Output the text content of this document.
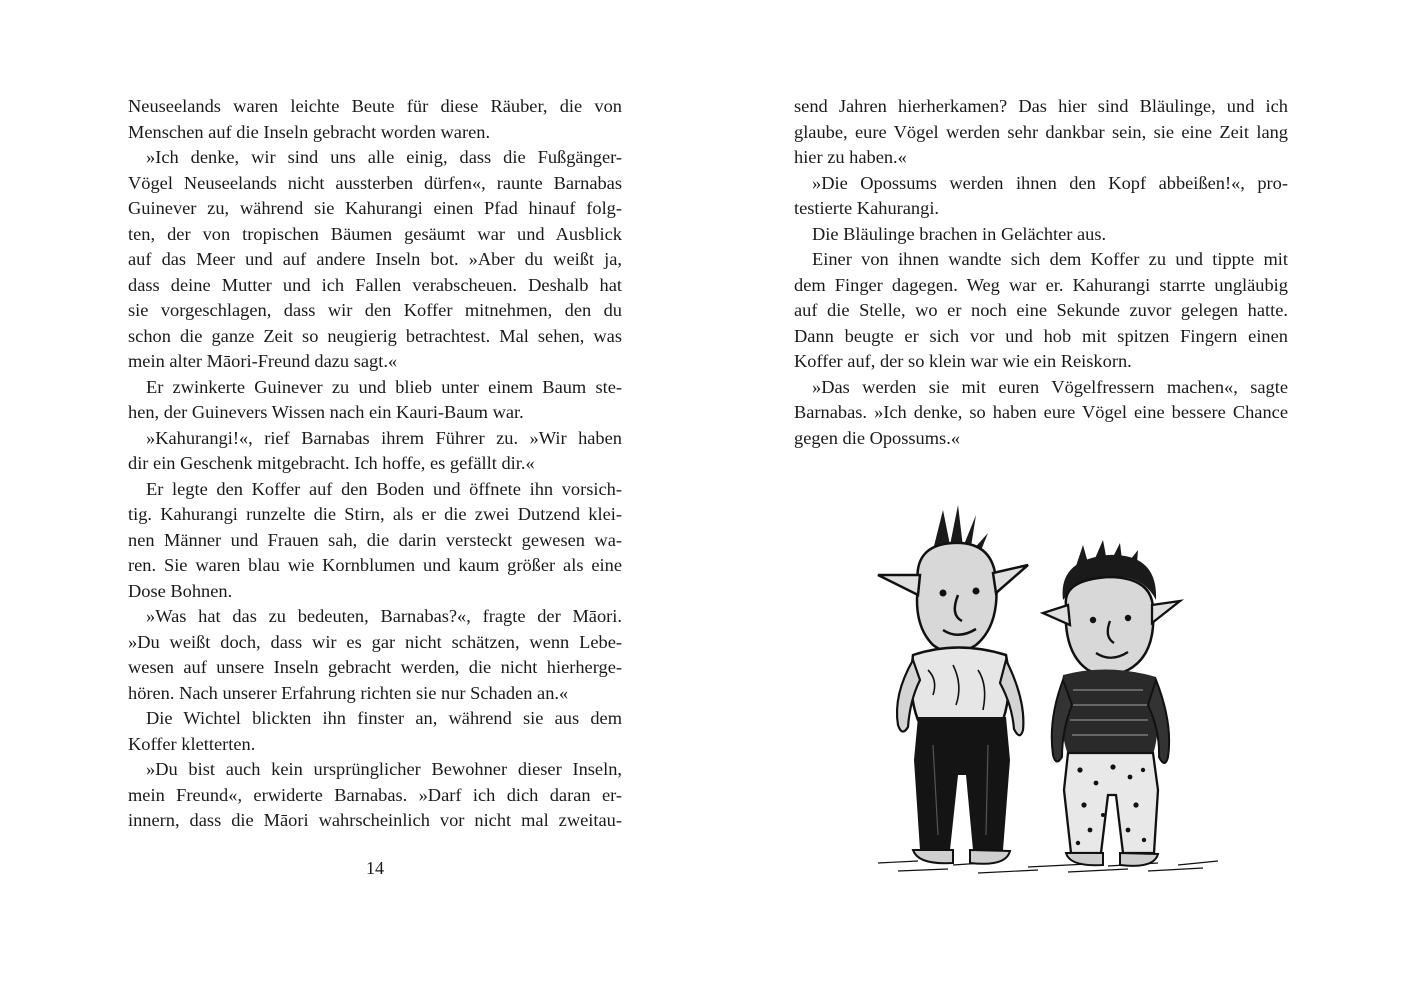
Neuseelands waren leichte Beute für diese Räuber, die von
Menschen auf die Inseln gebracht worden waren.
»Ich denke, wir sind uns alle einig, dass die Fußgänger-
Vögel Neuseelands nicht aussterben dürfen«, raunte Barnabas
Guinever zu, während sie Kahurangi einen Pfad hinauf folg-
ten, der von tropischen Bäumen gesäumt war und Ausblick
auf das Meer und auf andere Inseln bot. »Aber du weißt ja,
dass deine Mutter und ich Fallen verabscheuen. Deshalb hat
sie vorgeschlagen, dass wir den Koffer mitnehmen, den du
schon die ganze Zeit so neugierig betrachtest. Mal sehen, was
mein alter Māori-Freund dazu sagt.«
Er zwinkerte Guinever zu und blieb unter einem Baum ste-
hen, der Guinevers Wissen nach ein Kauri-Baum war.
»Kahurangi!«, rief Barnabas ihrem Führer zu. »Wir haben
dir ein Geschenk mitgebracht. Ich hoffe, es gefällt dir.«
Er legte den Koffer auf den Boden und öffnete ihn vorsich-
tig. Kahurangi runzelte die Stirn, als er die zwei Dutzend klei-
nen Männer und Frauen sah, die darin versteckt gewesen wa-
ren. Sie waren blau wie Kornblumen und kaum größer als eine
Dose Bohnen.
»Was hat das zu bedeuten, Barnabas?«, fragte der Māori.
»Du weißt doch, dass wir es gar nicht schätzen, wenn Lebe-
wesen auf unsere Inseln gebracht werden, die nicht hierherge-
hören. Nach unserer Erfahrung richten sie nur Schaden an.«
Die Wichtel blickten ihn finster an, während sie aus dem
Koffer kletterten.
»Du bist auch kein ursprünglicher Bewohner dieser Inseln,
mein Freund«, erwiderte Barnabas. »Darf ich dich daran er-
innern, dass die Māori wahrscheinlich vor nicht mal zweitau-
14
send Jahren hierherkamen? Das hier sind Bläulinge, und ich
glaube, eure Vögel werden sehr dankbar sein, sie eine Zeit lang
hier zu haben.«
»Die Opossums werden ihnen den Kopf abbeißen!«, pro-
testierte Kahurangi.
Die Bläulinge brachen in Gelächter aus.
Einer von ihnen wandte sich dem Koffer zu und tippte mit
dem Finger dagegen. Weg war er. Kahurangi starrte ungläubig
auf die Stelle, wo er noch eine Sekunde zuvor gelegen hatte.
Dann beugte er sich vor und hob mit spitzen Fingern einen
Koffer auf, der so klein war wie ein Reiskorn.
»Das werden sie mit euren Vögelfressern machen«, sagte
Barnabas. »Ich denke, so haben eure Vögel eine bessere Chance
gegen die Opossums.«
